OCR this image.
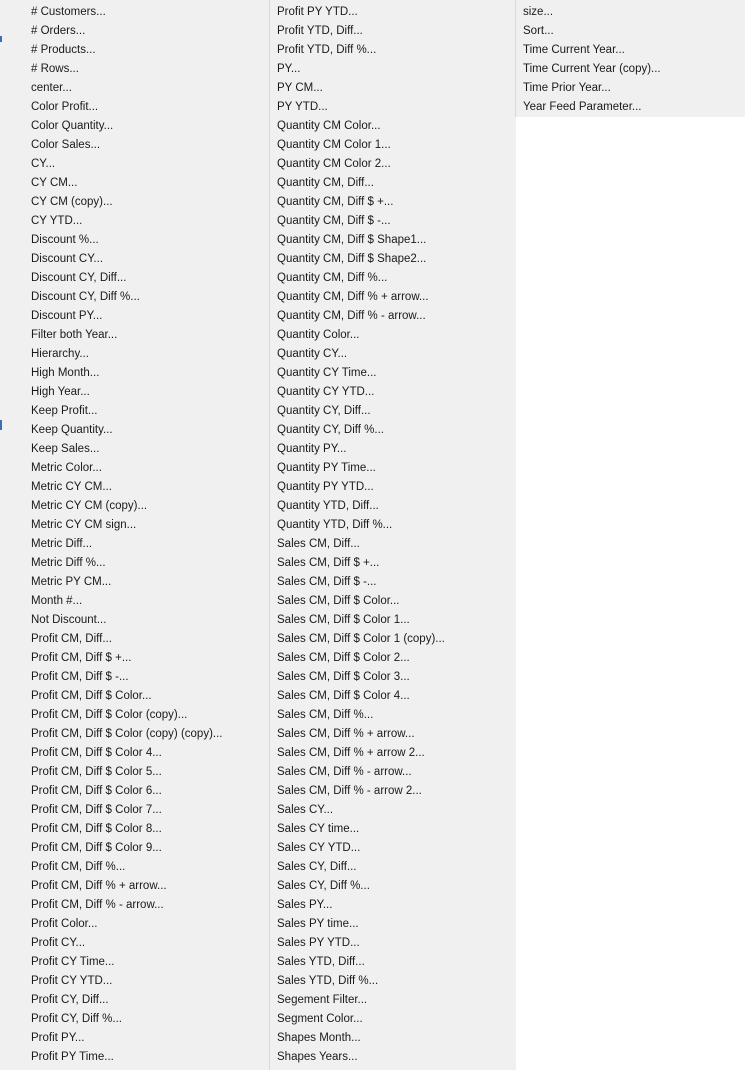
# Customers...
# Orders...
# Products...
# Rows...
center...
Color Profit...
Color Quantity...
Color Sales...
CY...
CY CM...
CY CM (copy)...
CY YTD...
Discount %...
Discount CY...
Discount CY, Diff...
Discount CY, Diff %...
Discount PY...
Filter both Year...
Hierarchy...
High Month...
High Year...
Keep Profit...
Keep Quantity...
Keep Sales...
Metric Color...
Metric CY CM...
Metric CY CM (copy)...
Metric CY CM sign...
Metric Diff...
Metric Diff %...
Metric PY CM...
Month #...
Not Discount...
Profit CM, Diff...
Profit CM, Diff $ +...
Profit CM, Diff $ -...
Profit CM, Diff $ Color...
Profit CM, Diff $ Color (copy)...
Profit CM, Diff $ Color (copy) (copy)...
Profit CM, Diff $ Color 4...
Profit CM, Diff $ Color 5...
Profit CM, Diff $ Color 6...
Profit CM, Diff $ Color 7...
Profit CM, Diff $ Color 8...
Profit CM, Diff $ Color 9...
Profit CM, Diff %...
Profit CM, Diff % + arrow...
Profit CM, Diff % - arrow...
Profit Color...
Profit CY...
Profit CY Time...
Profit CY YTD...
Profit CY, Diff...
Profit CY, Diff %...
Profit PY...
Profit PY Time...
Profit PY YTD...
Profit YTD, Diff...
Profit YTD, Diff %...
PY...
PY CM...
PY YTD...
Quantity CM Color...
Quantity CM Color 1...
Quantity CM Color 2...
Quantity CM, Diff...
Quantity CM, Diff $ +...
Quantity CM, Diff $ -...
Quantity CM, Diff $ Shape1...
Quantity CM, Diff $ Shape2...
Quantity CM, Diff %...
Quantity CM, Diff % + arrow...
Quantity CM, Diff % - arrow...
Quantity Color...
Quantity CY...
Quantity CY Time...
Quantity CY YTD...
Quantity CY, Diff...
Quantity CY, Diff %...
Quantity PY...
Quantity PY Time...
Quantity PY YTD...
Quantity YTD, Diff...
Quantity YTD, Diff %...
Sales CM, Diff...
Sales CM, Diff $ +...
Sales CM, Diff $ -...
Sales CM, Diff $ Color...
Sales CM, Diff $ Color 1...
Sales CM, Diff $ Color 1 (copy)...
Sales CM, Diff $ Color 2...
Sales CM, Diff $ Color 3...
Sales CM, Diff $ Color 4...
Sales CM, Diff %...
Sales CM, Diff % + arrow...
Sales CM, Diff % + arrow 2...
Sales CM, Diff % - arrow...
Sales CM, Diff % - arrow 2...
Sales CY...
Sales CY time...
Sales CY YTD...
Sales CY, Diff...
Sales CY, Diff %...
Sales PY...
Sales PY time...
Sales PY YTD...
Sales YTD, Diff...
Sales YTD, Diff %...
Segement Filter...
Segment Color...
Shapes Month...
Shapes Years...
size...
Sort...
Time Current Year...
Time Current Year (copy)...
Time Prior Year...
Year Feed Parameter...
